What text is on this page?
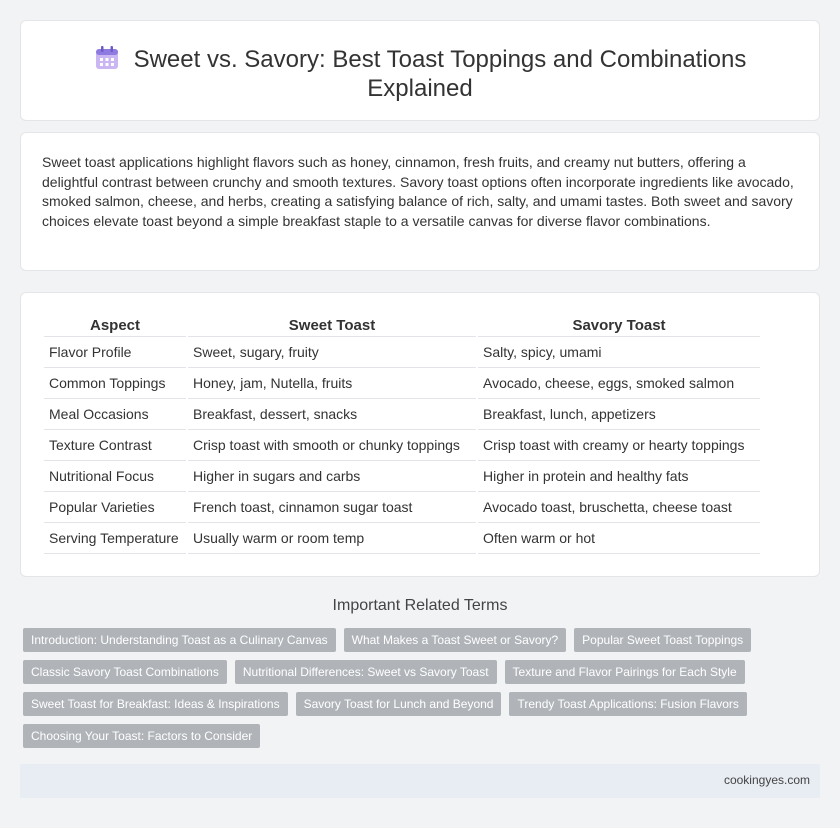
Sweet vs. Savory: Best Toast Toppings and Combinations
Explained

Sweet toast applications highlight flavors such as honey, cinnamon, fresh fruits, and creamy nut butters, offering a delightful contrast between crunchy and smooth textures. Savory toast options often incorporate ingredients like avocado, smoked salmon, cheese, and herbs, creating a satisfying balance of rich, salty, and umami tastes. Both sweet and savory choices elevate toast beyond a simple breakfast staple to a versatile canvas for diverse flavor combinations.

Aspect	Sweet Toast	Savory Toast
Flavor Profile	Sweet, sugary, fruity	Salty, spicy, umami
Common Toppings	Honey, jam, Nutella, fruits	Avocado, cheese, eggs, smoked salmon
Meal Occasions	Breakfast, dessert, snacks	Breakfast, lunch, appetizers
Texture Contrast	Crisp toast with smooth or chunky toppings	Crisp toast with creamy or hearty toppings
Nutritional Focus	Higher in sugars and carbs	Higher in protein and healthy fats
Popular Varieties	French toast, cinnamon sugar toast	Avocado toast, bruschetta, cheese toast
Serving Temperature	Usually warm or room temp	Often warm or hot
Important Related Terms
Introduction: Understanding Toast as a Culinary Canvas	What Makes a Toast Sweet or Savory?	Popular Sweet Toast Toppings
Classic Savory Toast Combinations	Nutritional Differences: Sweet vs Savory Toast	Texture and Flavor Pairings for Each Style
Sweet Toast for Breakfast: Ideas & Inspirations	Savory Toast for Lunch and Beyond	Trendy Toast Applications: Fusion Flavors
Choosing Your Toast: Factors to Consider
cookingyes.com
